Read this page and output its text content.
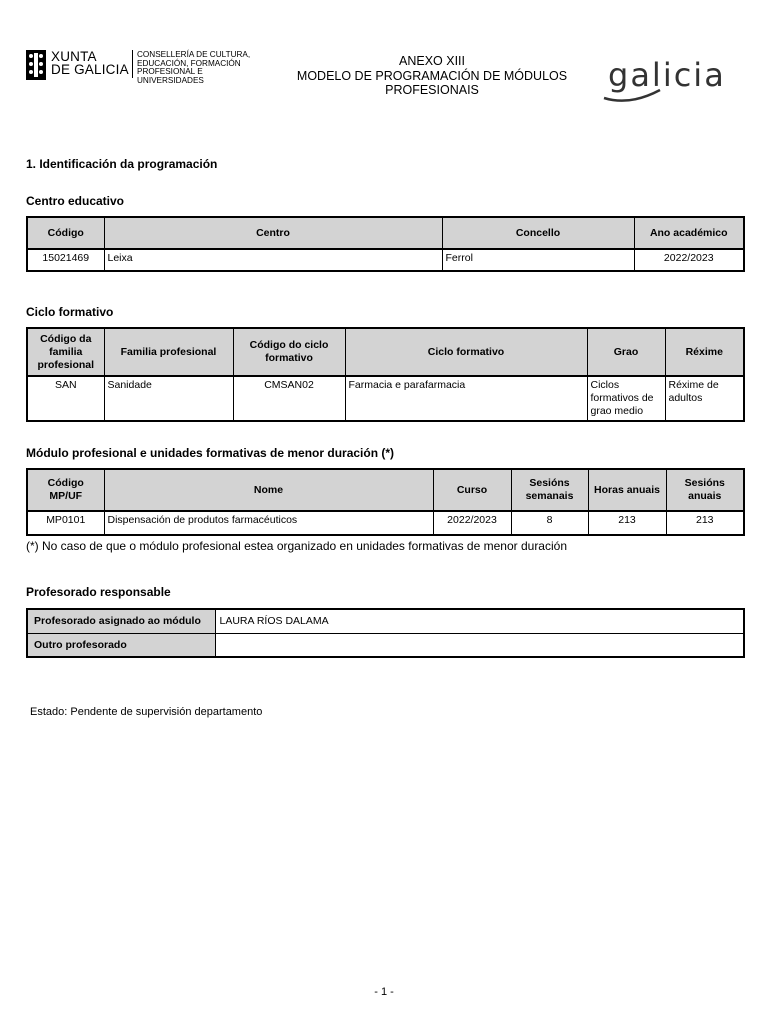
XUNTA
DE GALICIA
CONSELLERÍA DE CULTURA,
EDUCACIÓN, FORMACIÓN
PROFESIONAL E UNIVERSIDADES
ANEXO XIII
MODELO DE PROGRAMACIÓN DE MÓDULOS
PROFESIONAIS	galicia
1. Identificación da programación
Centro educativo
Código	Centro	Concello	Ano académico
15021469	Leixa	Ferrol	2022/2023
Ciclo formativo
Código da familia profesional	Familia profesional	Código do ciclo formativo	Ciclo formativo	Grao	Réxime
SAN	Sanidade	CMSAN02	Farmacia e parafarmacia	Ciclos formativos de grao medio	Réxime de adultos
Módulo profesional e unidades formativas de menor duración (*)
Código MP/UF	Nome	Curso	Sesións semanais	Horas anuais	Sesións anuais
MP0101	Dispensación de produtos farmacéuticos	2022/2023	8	213	213
(*) No caso de que o módulo profesional estea organizado en unidades formativas de menor duración
Profesorado responsable
Profesorado asignado ao módulo	LAURA RÍOS DALAMA
Outro profesorado	
Estado: Pendente de supervisión departamento
- 1 -
